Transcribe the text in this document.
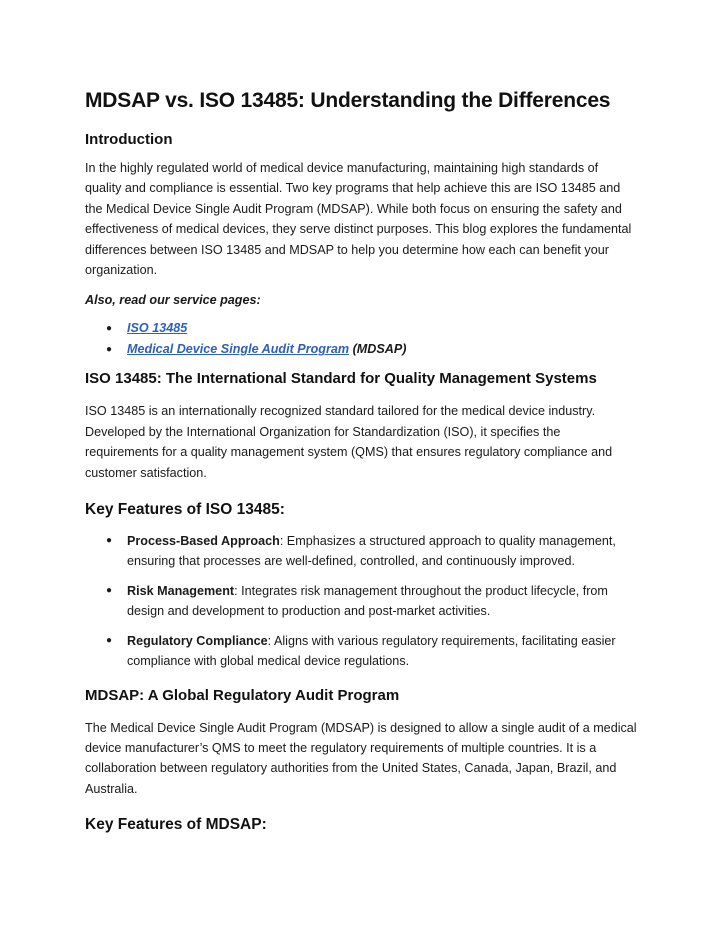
MDSAP vs. ISO 13485: Understanding the Differences
Introduction

In the highly regulated world of medical device manufacturing, maintaining high standards of quality and compliance is essential. Two key programs that help achieve this are ISO 13485 and the Medical Device Single Audit Program (MDSAP). While both focus on ensuring the safety and effectiveness of medical devices, they serve distinct purposes. This blog explores the fundamental differences between ISO 13485 and MDSAP to help you determine how each can benefit your organization.

Also, read our service pages:
● ISO 13485
● Medical Device Single Audit Program (MDSAP)
ISO 13485: The International Standard for Quality Management Systems

ISO 13485 is an internationally recognized standard tailored for the medical device industry. Developed by the International Organization for Standardization (ISO), it specifies the requirements for a quality management system (QMS) that ensures regulatory compliance and customer satisfaction.

Key Features of ISO 13485:
● Process-Based Approach: Emphasizes a structured approach to quality management, ensuring that processes are well-defined, controlled, and continuously improved.
● Risk Management: Integrates risk management throughout the product lifecycle, from design and development to production and post-market activities.
● Regulatory Compliance: Aligns with various regulatory requirements, facilitating easier compliance with global medical device regulations.
MDSAP: A Global Regulatory Audit Program

The Medical Device Single Audit Program (MDSAP) is designed to allow a single audit of a medical device manufacturer’s QMS to meet the regulatory requirements of multiple countries. It is a collaboration between regulatory authorities from the United States, Canada, Japan, Brazil, and Australia.

Key Features of MDSAP:
